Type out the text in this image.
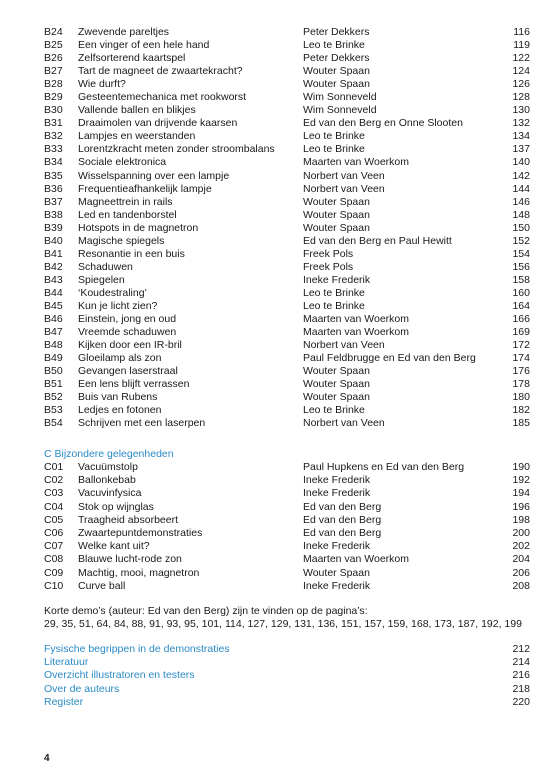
B24 Zwevende pareltjes	Peter Dekkers	116
B25 Een vinger of een hele hand	Leo te Brinke	119
B26 Zelfsorterend kaartspel	Peter Dekkers	122
B27 Tart de magneet de zwaartekracht?	Wouter Spaan	124
B28 Wie durft?	Wouter Spaan	126
B29 Gesteentemechanica met rookworst	Wim Sonneveld	128
B30 Vallende ballen en blikjes	Wim Sonneveld	130
B31 Draaimolen van drijvende kaarsen	Ed van den Berg en Onne Slooten	132
B32 Lampjes en weerstanden	Leo te Brinke	134
B33 Lorentzkracht meten zonder stroombalans	Leo te Brinke	137
B34 Sociale elektronica	Maarten van Woerkom	140
B35 Wisselspanning over een lampje	Norbert van Veen	142
B36 Frequentieafhankelijk lampje	Norbert van Veen	144
B37 Magneettrein in rails	Wouter Spaan	146
B38 Led en tandenborstel	Wouter Spaan	148
B39 Hotspots in de magnetron	Wouter Spaan	150
B40 Magische spiegels	Ed van den Berg en Paul Hewitt	152
B41 Resonantie in een buis	Freek Pols	154
B42 Schaduwen	Freek Pols	156
B43 Spiegelen	Ineke Frederik	158
B44 ‘Koudestraling’	Leo te Brinke	160
B45 Kun je licht zien?	Leo te Brinke	164
B46 Einstein, jong en oud	Maarten van Woerkom	166
B47 Vreemde schaduwen	Maarten van Woerkom	169
B48 Kijken door een IR-bril	Norbert van Veen	172
B49 Gloeilamp als zon	Paul Feldbrugge en Ed van den Berg	174
B50 Gevangen laserstraal	Wouter Spaan	176
B51 Een lens blijft verrassen	Wouter Spaan	178
B52 Buis van Rubens	Wouter Spaan	180
B53 Ledjes en fotonen	Leo te Brinke	182
B54 Schrijven met een laserpen	Norbert van Veen	185
C Bijzondere gelegenheden
C01 Vacuümstolp	Paul Hupkens en Ed van den Berg	190
C02 Ballonkebab	Ineke Frederik	192
C03 Vacuvinfysica	Ineke Frederik	194
C04 Stok op wijnglas	Ed van den Berg	196
C05 Traagheid absorbeert	Ed van den Berg	198
C06 Zwaartepuntdemonstraties	Ed van den Berg	200
C07 Welke kant uit?	Ineke Frederik	202
C08 Blauwe lucht-rode zon	Maarten van Woerkom	204
C09 Machtig, mooi, magnetron	Wouter Spaan	206
C10 Curve ball	Ineke Frederik	208
Korte demo’s (auteur: Ed van den Berg) zijn te vinden op de pagina’s:
29, 35, 51, 64, 84, 88, 91, 93, 95, 101, 114, 127, 129, 131, 136, 151, 157, 159, 168, 173, 187, 192, 199
Fysische begrippen in de demonstraties	212
Literatuur	214
Overzicht illustratoren en testers	216
Over de auteurs	218
Register	220
4
